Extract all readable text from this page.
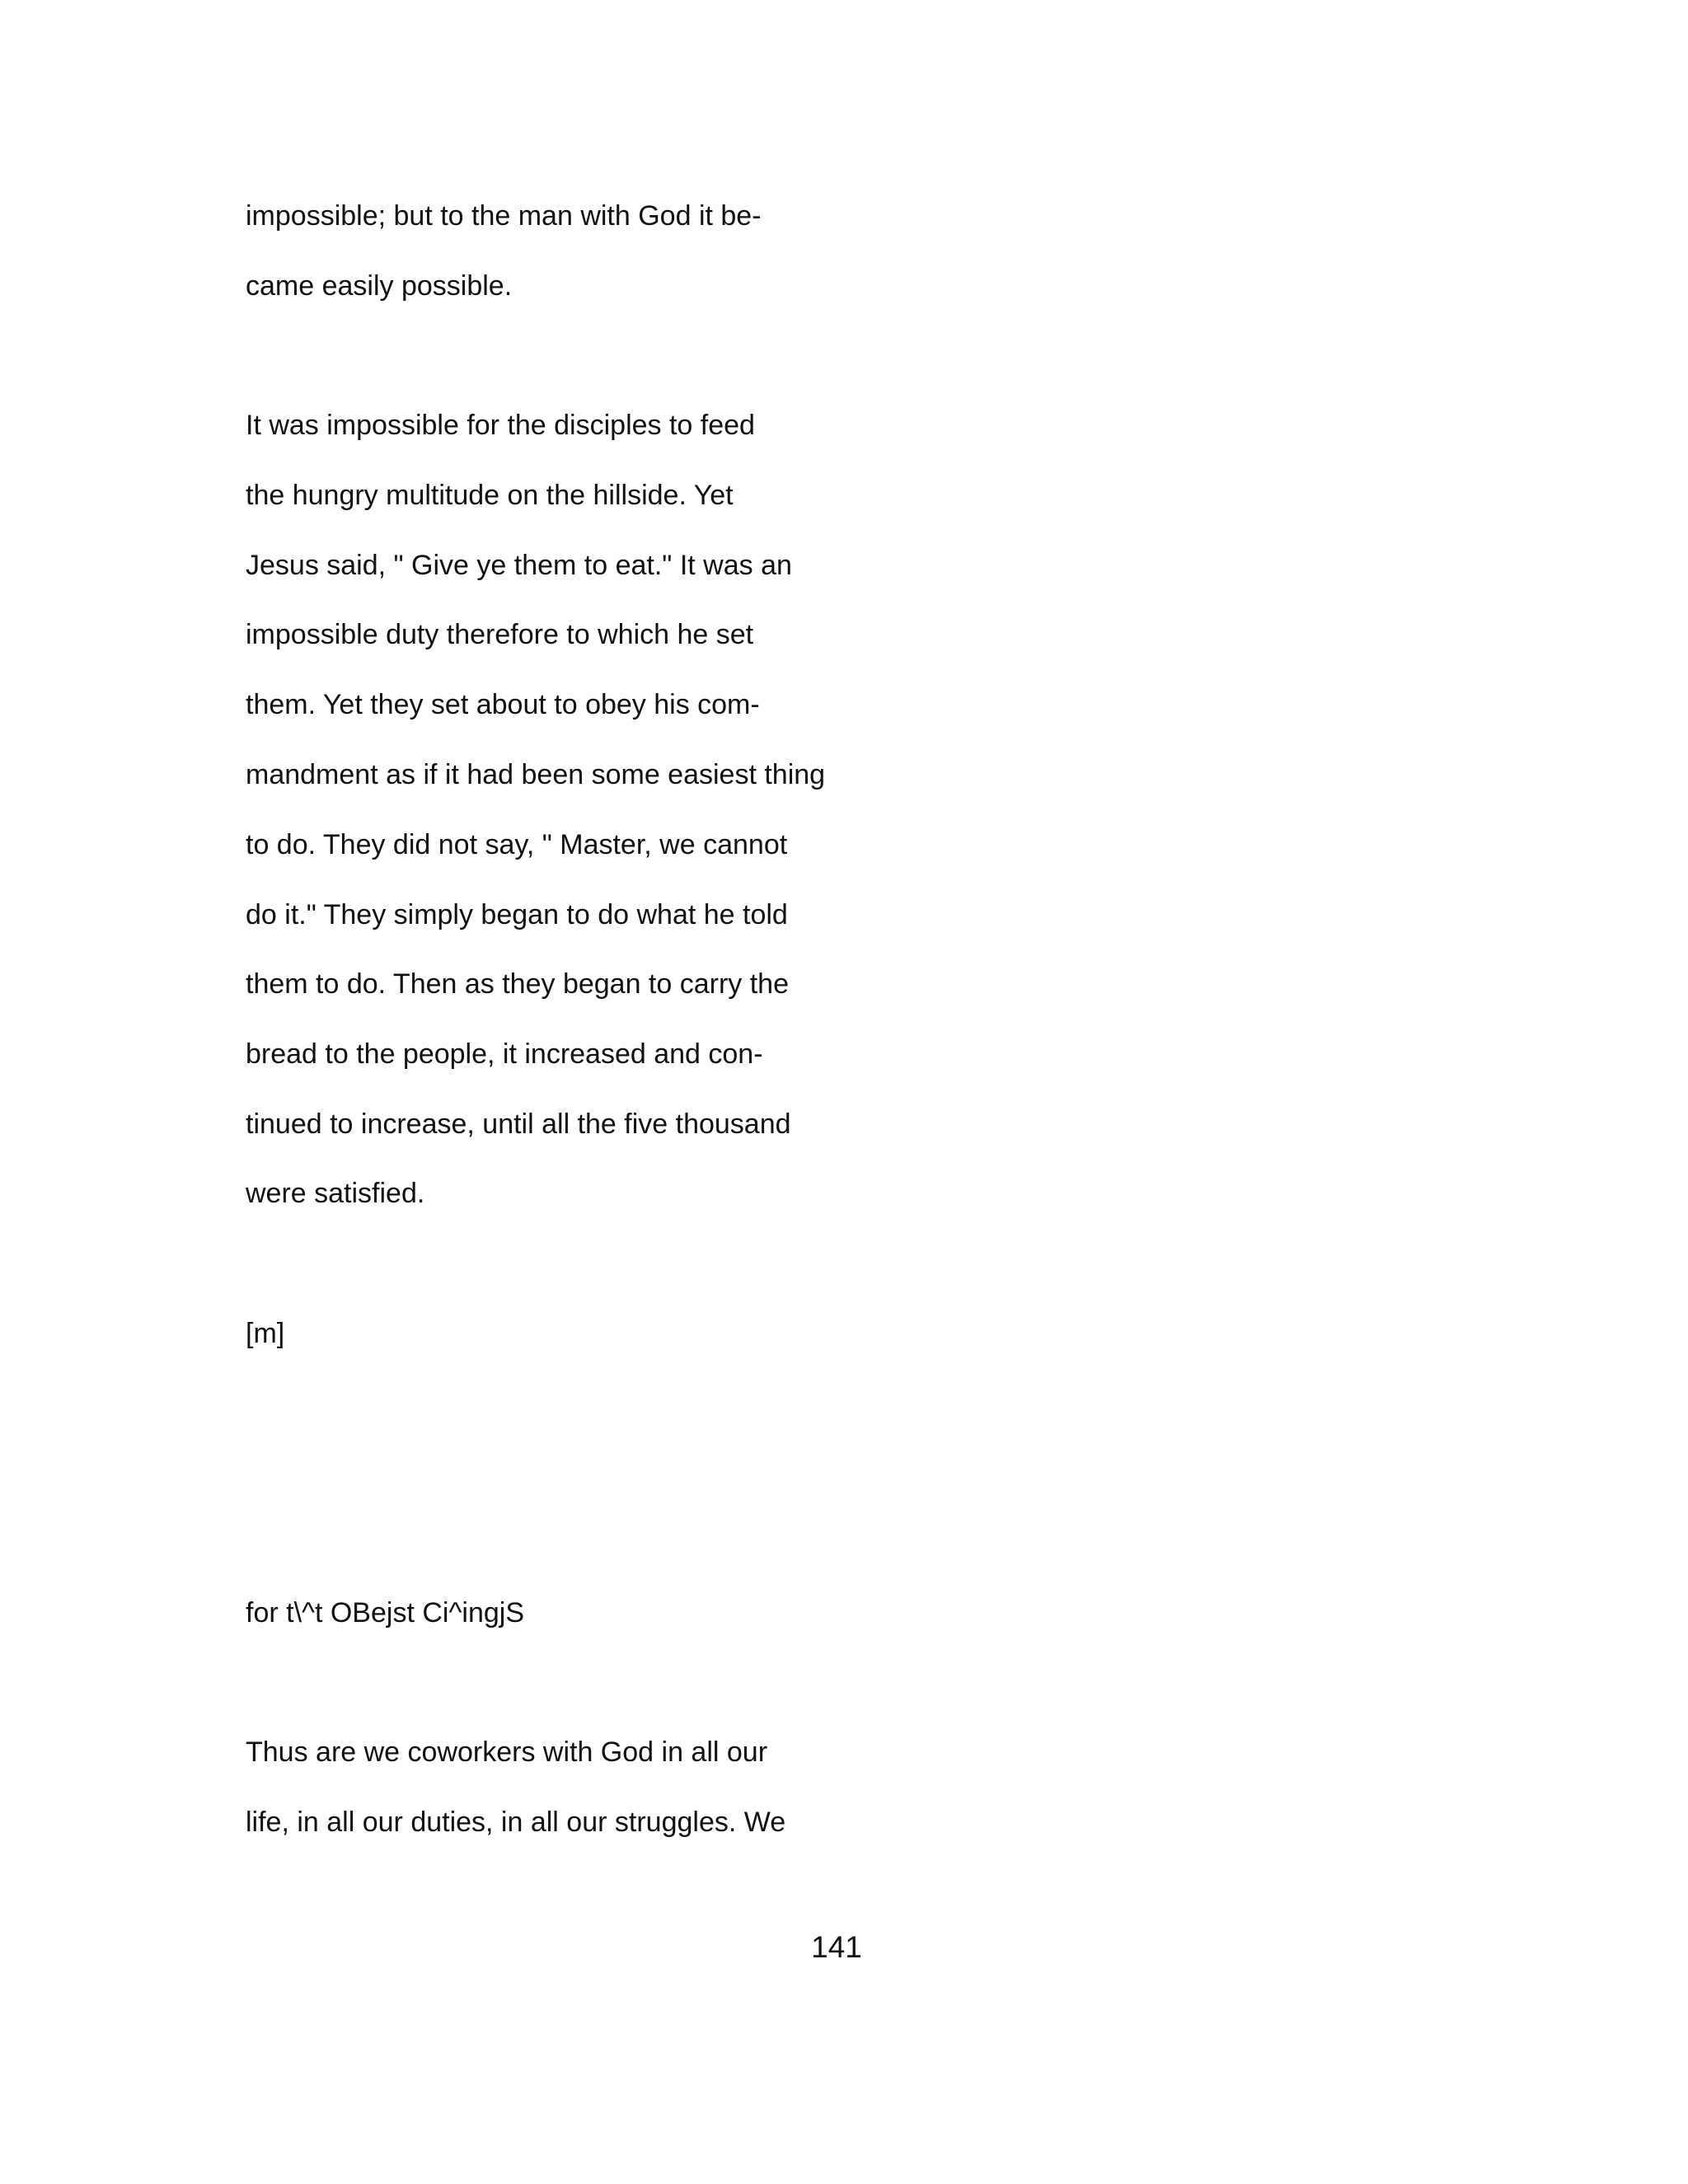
impossible; but to the man with God it be-
came easily possible.
It was impossible for the disciples to feed
the hungry multitude on the hillside. Yet
Jesus said, " Give ye them to eat." It was an
impossible duty therefore to which he set
them. Yet they set about to obey his com-
mandment as if it had been some easiest thing
to do. They did not say, " Master, we cannot
do it." They simply began to do what he told
them to do. Then as they began to carry the
bread to the people, it increased and con-
tinued to increase, until all the five thousand
were satisfied.
[m]
for t\^t OBejst Ci^ingjS
Thus are we coworkers with God in all our
life, in all our duties, in all our struggles. We
141
